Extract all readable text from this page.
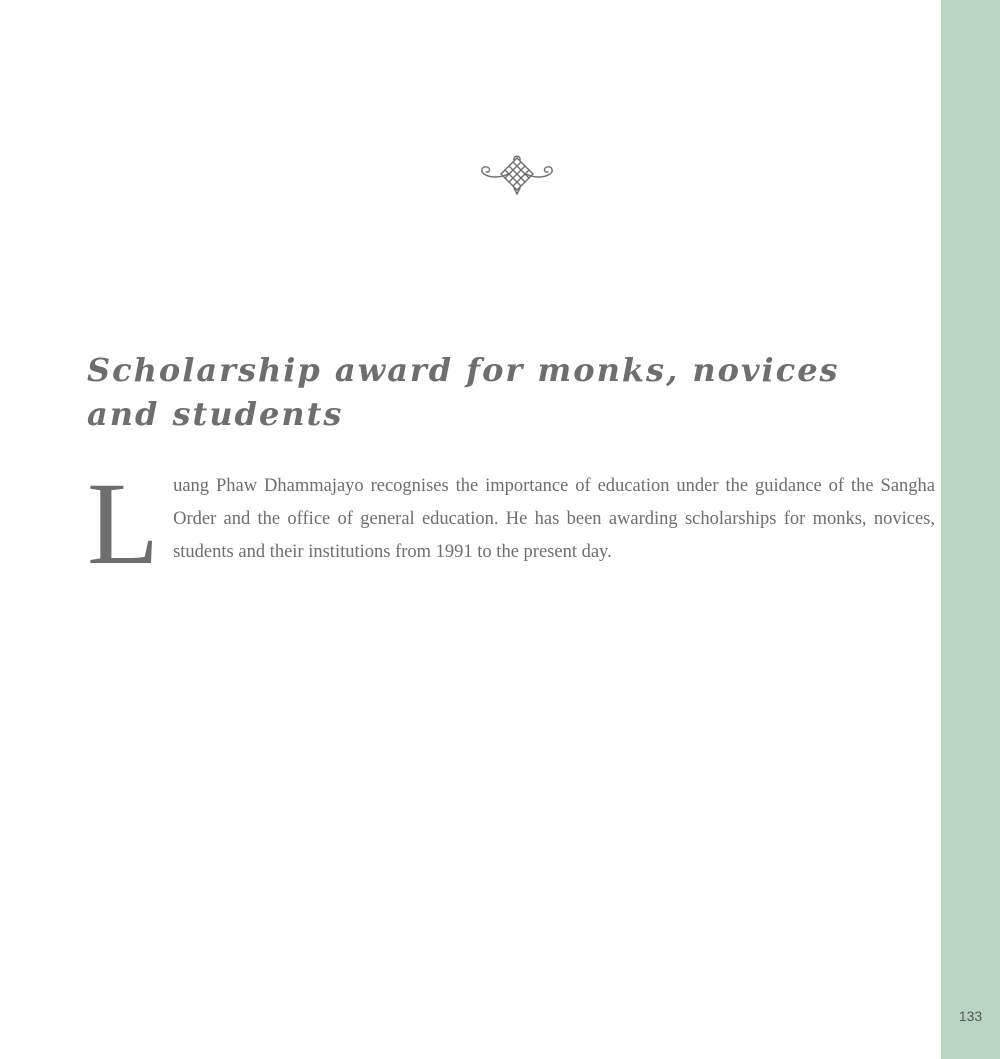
133
Scholarship award for monks, novices and students

Luang Phaw Dhammajayo recognises the importance of education under the guidance of the Sangha Order and the office of general education. He has been awarding scholarships for monks, novices, students and their institutions from 1991 to the present day.
